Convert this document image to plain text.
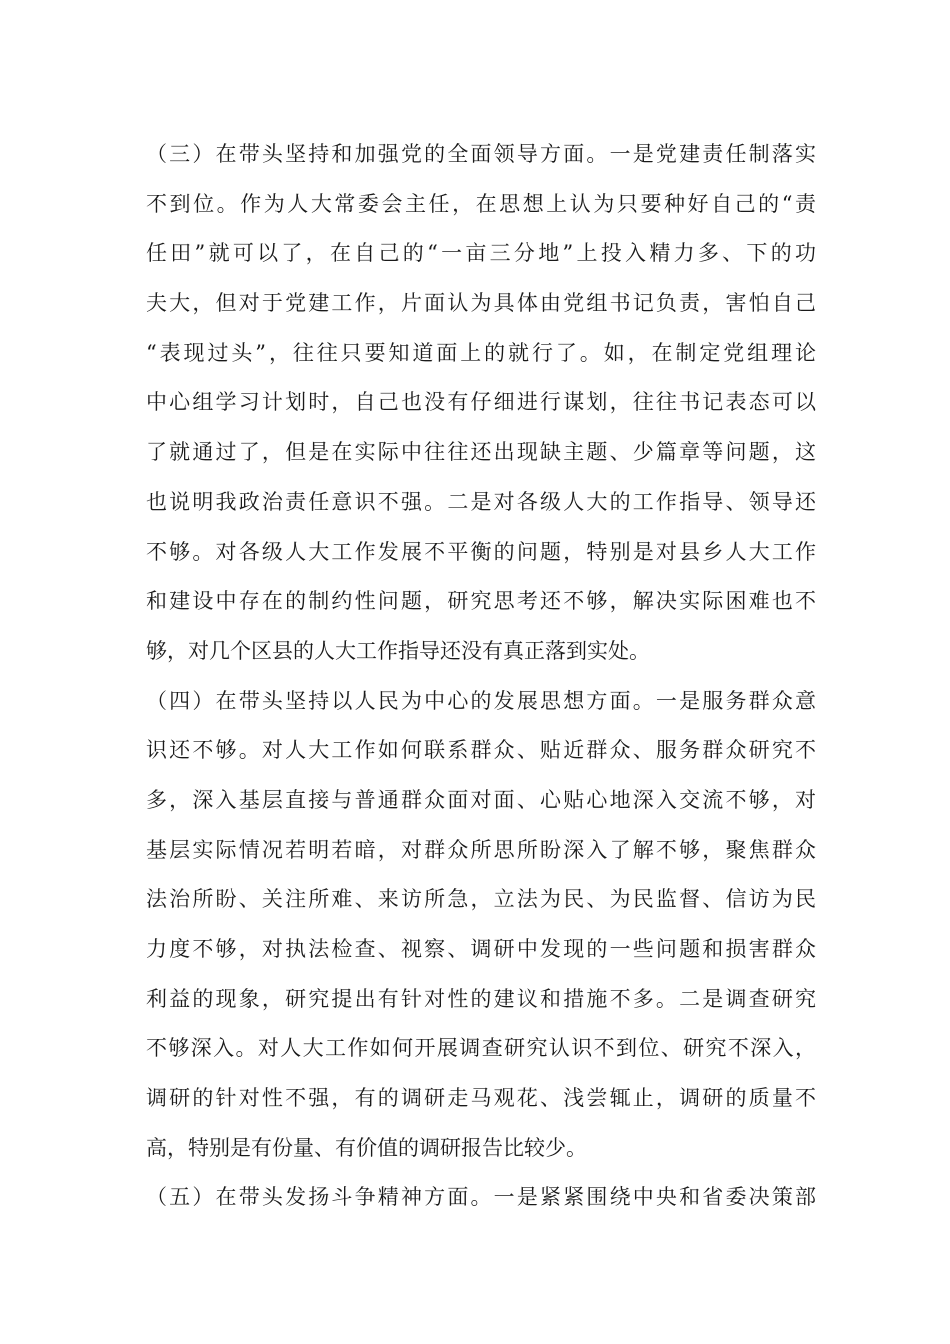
（三）在带头坚持和加强党的全面领导方面。一是党建责任制落实
不到位。作为人大常委会主任，在思想上认为只要种好自己的“责
任田”就可以了，在自己的“一亩三分地”上投入精力多、下的功
夫大，但对于党建工作，片面认为具体由党组书记负责，害怕自己
“表现过头”，往往只要知道面上的就行了。如，在制定党组理论
中心组学习计划时，自己也没有仔细进行谋划，往往书记表态可以
了就通过了，但是在实际中往往还出现缺主题、少篇章等问题，这
也说明我政治责任意识不强。二是对各级人大的工作指导、领导还
不够。对各级人大工作发展不平衡的问题，特别是对县乡人大工作
和建设中存在的制约性问题，研究思考还不够，解决实际困难也不
够，对几个区县的人大工作指导还没有真正落到实处。
（四）在带头坚持以人民为中心的发展思想方面。一是服务群众意
识还不够。对人大工作如何联系群众、贴近群众、服务群众研究不
多，深入基层直接与普通群众面对面、心贴心地深入交流不够，对
基层实际情况若明若暗，对群众所思所盼深入了解不够，聚焦群众
法治所盼、关注所难、来访所急，立法为民、为民监督、信访为民
力度不够，对执法检查、视察、调研中发现的一些问题和损害群众
利益的现象，研究提出有针对性的建议和措施不多。二是调查研究
不够深入。对人大工作如何开展调查研究认识不到位、研究不深入，
调研的针对性不强，有的调研走马观花、浅尝辄止，调研的质量不
高，特别是有份量、有价值的调研报告比较少。
（五）在带头发扬斗争精神方面。一是紧紧围绕中央和省委决策部
